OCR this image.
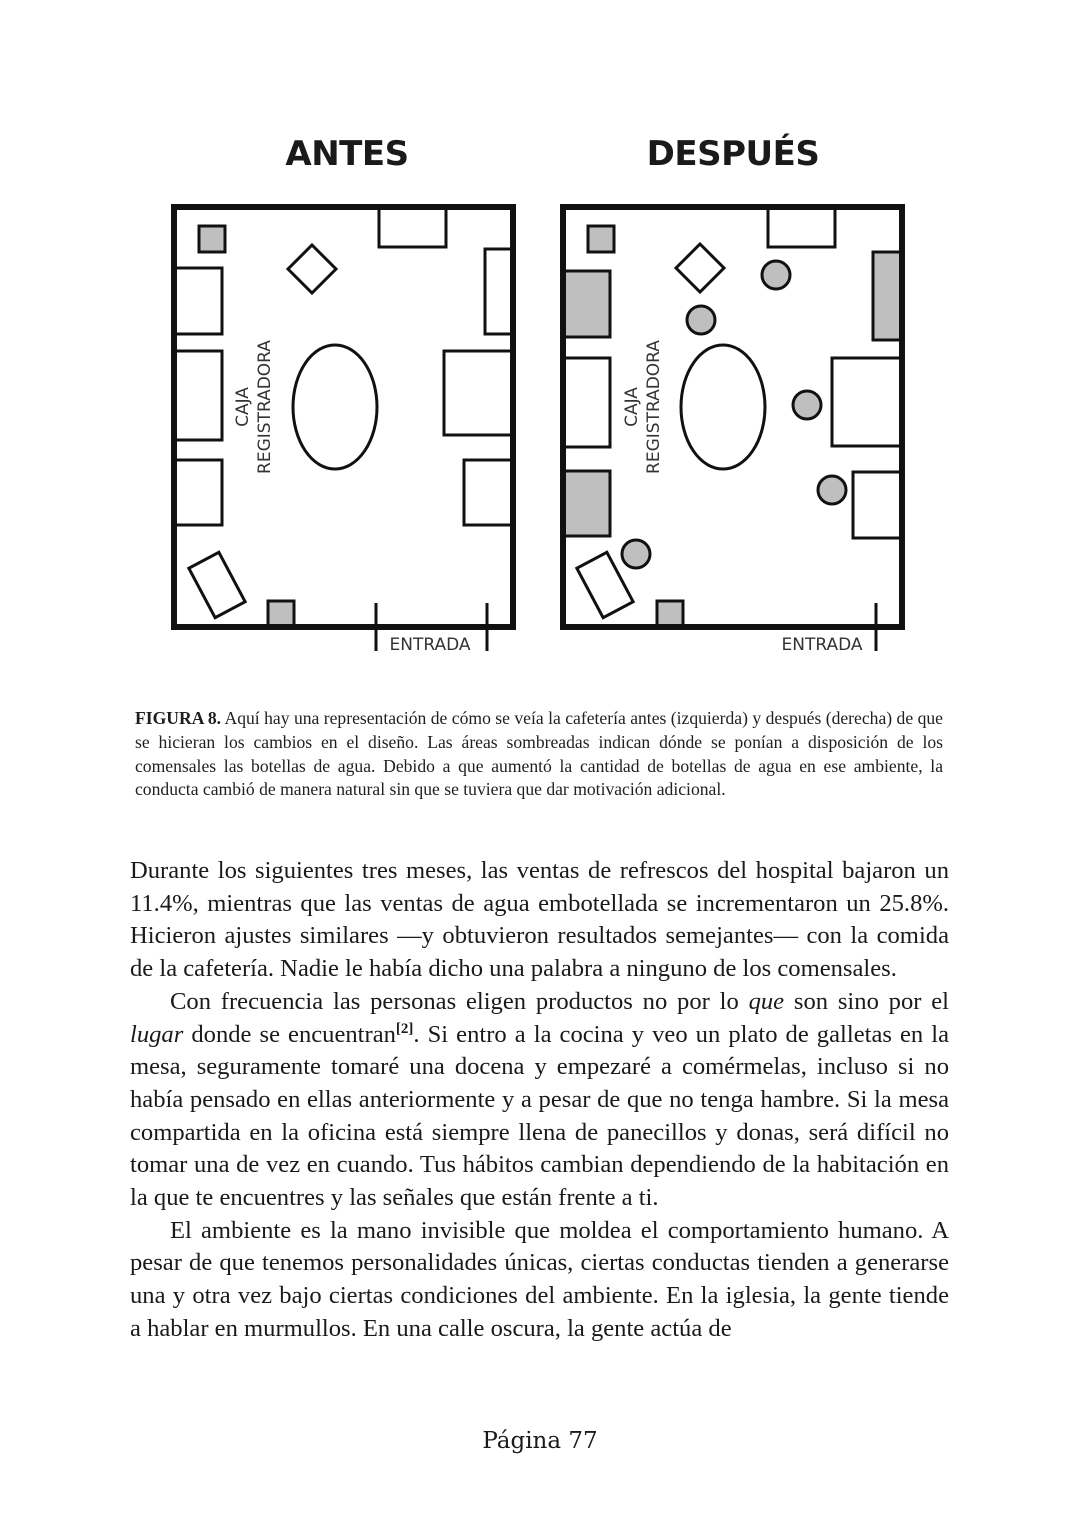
ANTES
CAJA REGISTRADORA
ENTRADA
DESPUÉS
CAJA REGISTRADORA
ENTRADA
FIGURA 8. Aquí hay una representación de cómo se veía la cafetería antes (izquierda) y después (derecha) de que se hicieran los cambios en el diseño. Las áreas sombreadas indican dónde se ponían a disposición de los comensales las botellas de agua. Debido a que aumentó la cantidad de botellas de agua en ese ambiente, la conducta cambió de manera natural sin que se tuviera que dar motivación adicional.

Durante los siguientes tres meses, las ventas de refrescos del hospital bajaron un 11.4%, mientras que las ventas de agua embotellada se incrementaron un 25.8%. Hicieron ajustes similares —y obtuvieron resultados semejantes— con la comida de la cafetería. Nadie le había dicho una palabra a ninguno de los comensales.

Con frecuencia las personas eligen productos no por lo que son sino por el lugar donde se encuentran[2]. Si entro a la cocina y veo un plato de galletas en la mesa, seguramente tomaré una docena y empezaré a comérmelas, incluso si no había pensado en ellas anteriormente y a pesar de que no tenga hambre. Si la mesa compartida en la oficina está siempre llena de panecillos y donas, será difícil no tomar una de vez en cuando. Tus hábitos cambian dependiendo de la habitación en la que te encuentres y las señales que están frente a ti.

El ambiente es la mano invisible que moldea el comportamiento humano. A pesar de que tenemos personalidades únicas, ciertas conductas tienden a generarse una y otra vez bajo ciertas condiciones del ambiente. En la iglesia, la gente tiende a hablar en murmullos. En una calle oscura, la gente actúa de

Página 77
